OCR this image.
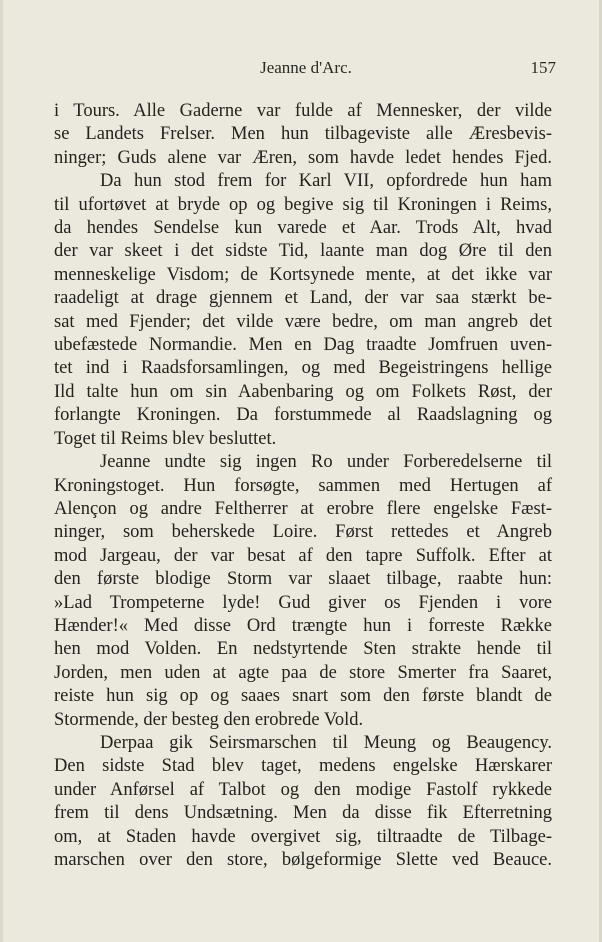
Jeanne d'Arc.	157
i Tours. Alle Gaderne var fulde af Mennesker, der vilde
se Landets Frelser. Men hun tilbageviste alle Æresbevis-
ninger; Guds alene var Æren, som havde ledet hendes Fjed.
Da hun stod frem for Karl VII, opfordrede hun ham
til ufortøvet at bryde op og begive sig til Kroningen i Reims,
da hendes Sendelse kun varede et Aar. Trods Alt, hvad
der var skeet i det sidste Tid, laante man dog Øre til den
menneskelige Visdom; de Kortsynede mente, at det ikke var
raadeligt at drage gjennem et Land, der var saa stærkt be-
sat med Fjender; det vilde være bedre, om man angreb det
ubefæstede Normandie. Men en Dag traadte Jomfruen uven-
tet ind i Raadsforsamlingen, og med Begeistringens hellige
Ild talte hun om sin Aabenbaring og om Folkets Røst, der
forlangte Kroningen. Da forstummede al Raadslagning og
Toget til Reims blev besluttet.
Jeanne undte sig ingen Ro under Forberedelserne til
Kroningstoget. Hun forsøgte, sammen med Hertugen af
Alençon og andre Feltherrer at erobre flere engelske Fæst-
ninger, som beherskede Loire. Først rettedes et Angreb
mod Jargeau, der var besat af den tapre Suffolk. Efter at
den første blodige Storm var slaaet tilbage, raabte hun:
»Lad Trompeterne lyde! Gud giver os Fjenden i vore
Hænder!« Med disse Ord trængte hun i forreste Række
hen mod Volden. En nedstyrtende Sten strakte hende til
Jorden, men uden at agte paa de store Smerter fra Saaret,
reiste hun sig op og saaes snart som den første blandt de
Stormende, der besteg den erobrede Vold.
Derpaa gik Seirsmarschen til Meung og Beaugency.
Den sidste Stad blev taget, medens engelske Hærskarer
under Anførsel af Talbot og den modige Fastolf rykkede
frem til dens Undsætning. Men da disse fik Efterretning
om, at Staden havde overgivet sig, tiltraadte de Tilbage-
marschen over den store, bølgeformige Slette ved Beauce.
